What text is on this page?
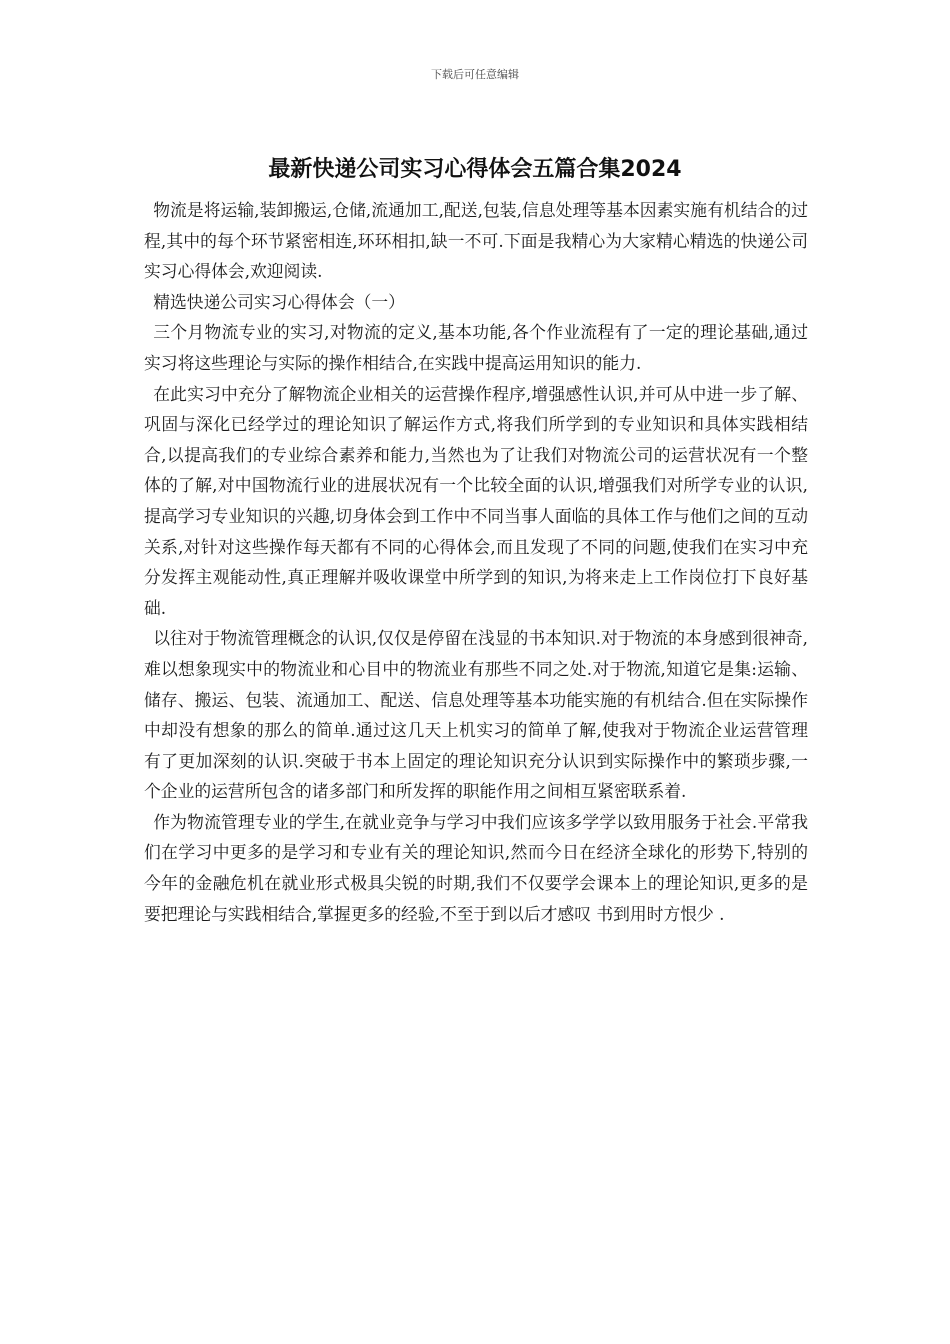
下载后可任意编辑
最新快递公司实习心得体会五篇合集2024

物流是将运输,装卸搬运,仓储,流通加工,配送,包装,信息处理等基本因素实施有机结合的过程,其中的每个环节紧密相连,环环相扣,缺一不可.下面是我精心为大家精心精选的快递公司实习心得体会,欢迎阅读.

精选快递公司实习心得体会（一）

三个月物流专业的实习,对物流的定义,基本功能,各个作业流程有了一定的理论基础,通过实习将这些理论与实际的操作相结合,在实践中提高运用知识的能力.

在此实习中充分了解物流企业相关的运营操作程序,增强感性认识,并可从中进一步了解、巩固与深化已经学过的理论知识了解运作方式,将我们所学到的专业知识和具体实践相结合,以提高我们的专业综合素养和能力,当然也为了让我们对物流公司的运营状况有一个整体的了解,对中国物流行业的进展状况有一个比较全面的认识,增强我们对所学专业的认识,提高学习专业知识的兴趣,切身体会到工作中不同当事人面临的具体工作与他们之间的互动关系,对针对这些操作每天都有不同的心得体会,而且发现了不同的问题,使我们在实习中充分发挥主观能动性,真正理解并吸收课堂中所学到的知识,为将来走上工作岗位打下良好基础.

以往对于物流管理概念的认识,仅仅是停留在浅显的书本知识.对于物流的本身感到很神奇,难以想象现实中的物流业和心目中的物流业有那些不同之处.对于物流,知道它是集:运输、储存、搬运、包装、流通加工、配送、信息处理等基本功能实施的有机结合.但在实际操作中却没有想象的那么的简单.通过这几天上机实习的简单了解,使我对于物流企业运营管理有了更加深刻的认识.突破于书本上固定的理论知识充分认识到实际操作中的繁琐步骤,一个企业的运营所包含的诸多部门和所发挥的职能作用之间相互紧密联系着.

作为物流管理专业的学生,在就业竞争与学习中我们应该多学学以致用服务于社会.平常我们在学习中更多的是学习和专业有关的理论知识,然而今日在经济全球化的形势下,特别的今年的金融危机在就业形式极具尖锐的时期,我们不仅要学会课本上的理论知识,更多的是要把理论与实践相结合,掌握更多的经验,不至于到以后才感叹 书到用时方恨少 .
